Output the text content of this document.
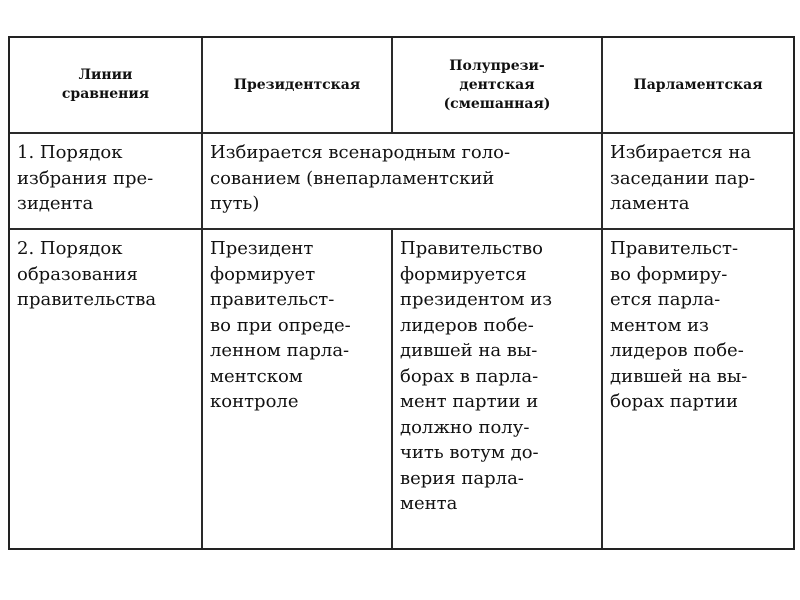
Линии
сравнения
Президентская
Полупрези-
дентская
(смешанная)
Парламентская
1. Порядок
избрания пре-
зидента
Избирается всенародным голо-
сованием (внепарламентский
путь)
Избирается на
заседании пар-
ламента
2. Порядок
образования
правительства
Президент
формирует
правительст-
во при опреде-
ленном парла-
ментском
контроле
Правительство
формируется
президентом из
лидеров побе-
дившей на вы-
борах в парла-
мент партии и
должно полу-
чить вотум до-
верия парла-
мента
Правительст-
во формиру-
ется парла-
ментом из
лидеров побе-
дившей на вы-
борах партии
